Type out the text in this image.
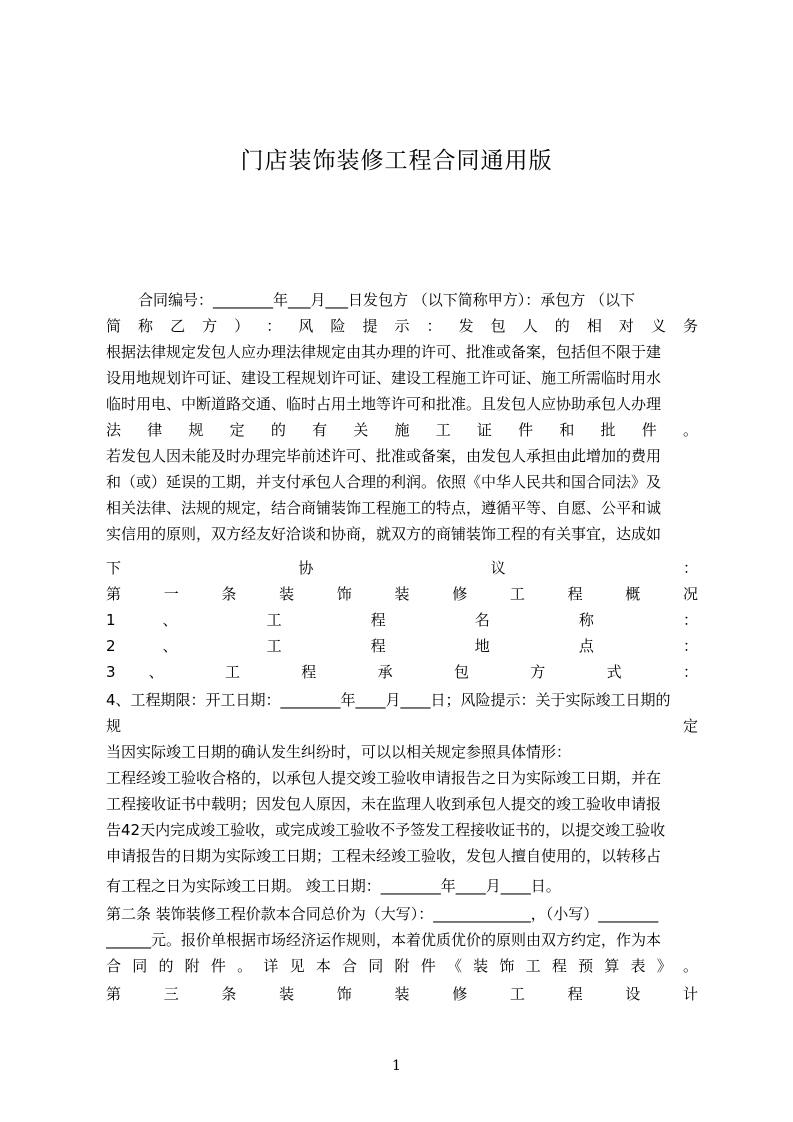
门店装饰装修工程合同通用版
合同编号：________年___月___日发包方 （以下简称甲方）：承包方 （以下
简 称 乙 方 ） ： 风 险 提 示 ： 发 包 人 的 相 对 义 务
根据法律规定发包人应办理法律规定由其办理的许可、批准或备案，包括但不限于建
设用地规划许可证、建设工程规划许可证、建设工程施工许可证、施工所需临时用水
临时用电、中断道路交通、临时占用土地等许可和批准。且发包人应协助承包人办理
法 律 规 定 的 有 关 施 工 证 件 和 批 件 。
若发包人因未能及时办理完毕前述许可、批准或备案，由发包人承担由此增加的费用
和（或）延误的工期，并支付承包人合理的利润。依照《中华人民共和国合同法》及
相关法律、法规的规定，结合商铺装饰工程施工的特点，遵循平等、自愿、公平和诚
实信用的原则，双方经友好洽谈和协商，就双方的商铺装饰工程的有关事宜，达成如
下 协 议 ：
第 一 条 装 饰 装 修 工 程 概 况
1 、 工 程 名 称 ：
2 、 工 程 地 点 ：
3 、 工 程 承 包 方 式 ：
4、工程期限：开工日期：________年____月____日；风险提示：关于实际竣工日期的
规 定
当因实际竣工日期的确认发生纠纷时，可以以相关规定参照具体情形：
工程经竣工验收合格的，以承包人提交竣工验收申请报告之日为实际竣工日期，并在
工程接收证书中载明；因发包人原因，未在监理人收到承包人提交的竣工验收申请报
告42天内完成竣工验收，或完成竣工验收不予签发工程接收证书的，以提交竣工验收
申请报告的日期为实际竣工日期；工程未经竣工验收，发包人擅自使用的，以转移占
有工程之日为实际竣工日期。 竣工日期：________年____月____日。
第二条 装饰装修工程价款本合同总价为（大写）：_____________，（小写）________
______元。报价单根据市场经济运作规则，本着优质优价的原则由双方约定，作为本
合 同 的 附 件 。 详 见 本 合 同 附 件 《 装 饰 工 程 预 算 表 》 。
第 三 条 装 饰 装 修 工 程 设 计
1
